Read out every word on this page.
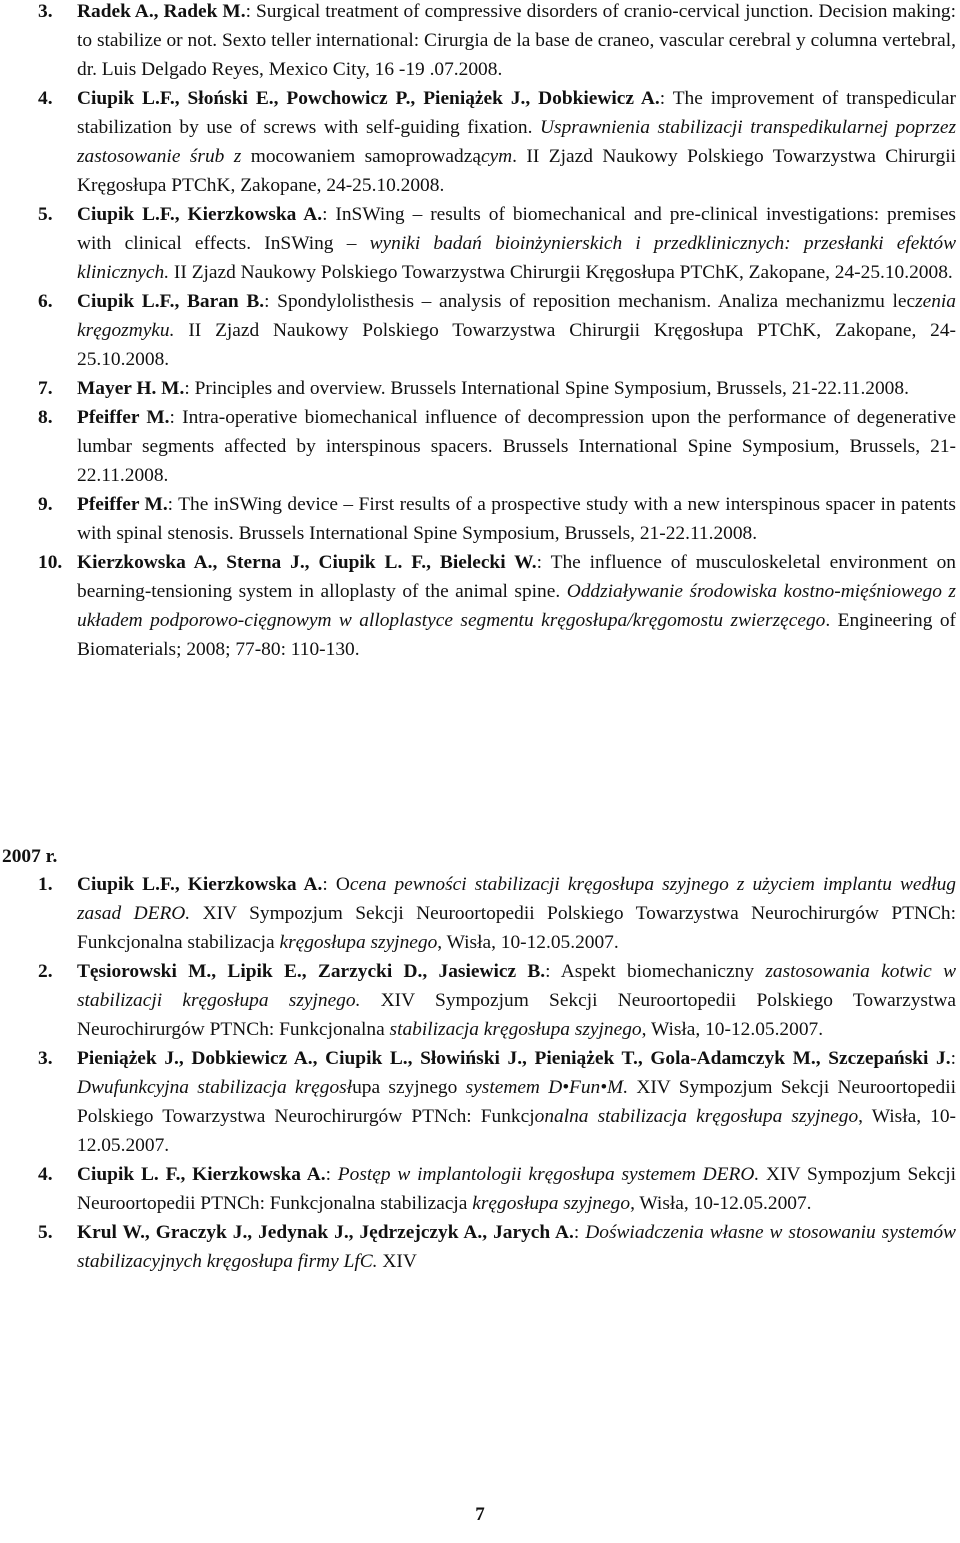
3. Radek A., Radek M.: Surgical treatment of compressive disorders of cranio-cervical junction. Decision making: to stabilize or not. Sexto teller international: Cirurgia de la base de craneo, vascular cerebral y columna vertebral, dr. Luis Delgado Reyes, Mexico City, 16 -19 .07.2008.
4. Ciupik L.F., Słoński E., Powchowicz P., Pieniążek J., Dobkiewicz A.: The improvement of transpedicular stabilization by use of screws with self-guiding fixation. Usprawnienia stabilizacji transpedikularnej poprzez zastosowanie śrub z mocowaniem samoprowadzącym. II Zjazd Naukowy Polskiego Towarzystwa Chirurgii Kręgosłupa PTChK, Zakopane, 24-25.10.2008.
5. Ciupik L.F., Kierzkowska A.: InSWing – results of biomechanical and pre-clinical investigations: premises with clinical effects. InSWing – wyniki badań bioinżynierskich i przedklinicznych: przesłanki efektów klinicznych. II Zjazd Naukowy Polskiego Towarzystwa Chirurgii Kręgosłupa PTChK, Zakopane, 24-25.10.2008.
6. Ciupik L.F., Baran B.: Spondylolisthesis – analysis of reposition mechanism. Analiza mechanizmu leczenia kręgozmyku. II Zjazd Naukowy Polskiego Towarzystwa Chirurgii Kręgosłupa PTChK, Zakopane, 24-25.10.2008.
7. Mayer H. M.: Principles and overview. Brussels International Spine Symposium, Brussels, 21-22.11.2008.
8. Pfeiffer M.: Intra-operative biomechanical influence of decompression upon the performance of degenerative lumbar segments affected by interspinous spacers. Brussels International Spine Symposium, Brussels, 21-22.11.2008.
9. Pfeiffer M.: The inSWing device – First results of a prospective study with a new interspinous spacer in patents with spinal stenosis. Brussels International Spine Symposium, Brussels, 21-22.11.2008.
10. Kierzkowska A., Sterna J., Ciupik L. F., Bielecki W.: The influence of musculoskeletal environment on bearning-tensioning system in alloplasty of the animal spine. Oddziaływanie środowiska kostno-mięśniowego z układem podporowo-cięgnowym w alloplastyce segmentu kręgosłupa/kręgomostu zwierzęcego. Engineering of Biomaterials; 2008; 77-80: 110-130.
2007 r.
1. Ciupik L.F., Kierzkowska A.: Ocena pewności stabilizacji kręgosłupa szyjnego z użyciem implantu według zasad DERO. XIV Sympozjum Sekcji Neuroortopedii Polskiego Towarzystwa Neurochirurgów PTNCh: Funkcjonalna stabilizacja kręgosłupa szyjnego, Wisła, 10-12.05.2007.
2. Tęsiorowski M., Lipik E., Zarzycki D., Jasiewicz B.: Aspekt biomechaniczny zastosowania kotwic w stabilizacji kręgosłupa szyjnego. XIV Sympozjum Sekcji Neuroortopedii Polskiego Towarzystwa Neurochirurgów PTNCh: Funkcjonalna stabilizacja kręgosłupa szyjnego, Wisła, 10-12.05.2007.
3. Pieniążek J., Dobkiewicz A., Ciupik L., Słowiński J., Pieniążek T., Gola-Adamczyk M., Szczepański J.: Dwufunkcyjna stabilizacja kręgosłupa szyjnego systemem D•Fun•M. XIV Sympozjum Sekcji Neuroortopedii Polskiego Towarzystwa Neurochirurgów PTNch: Funkcjonalna stabilizacja kręgosłupa szyjnego, Wisła, 10-12.05.2007.
4. Ciupik L. F., Kierzkowska A.: Postęp w implantologii kręgosłupa systemem DERO. XIV Sympozjum Sekcji Neuroortopedii PTNCh: Funkcjonalna stabilizacja kręgosłupa szyjnego, Wisła, 10-12.05.2007.
5. Krul W., Graczyk J., Jedynak J., Jędrzejczyk A., Jarych A.: Doświadczenia własne w stosowaniu systemów stabilizacyjnych kręgosłupa firmy LfC. XIV
7
